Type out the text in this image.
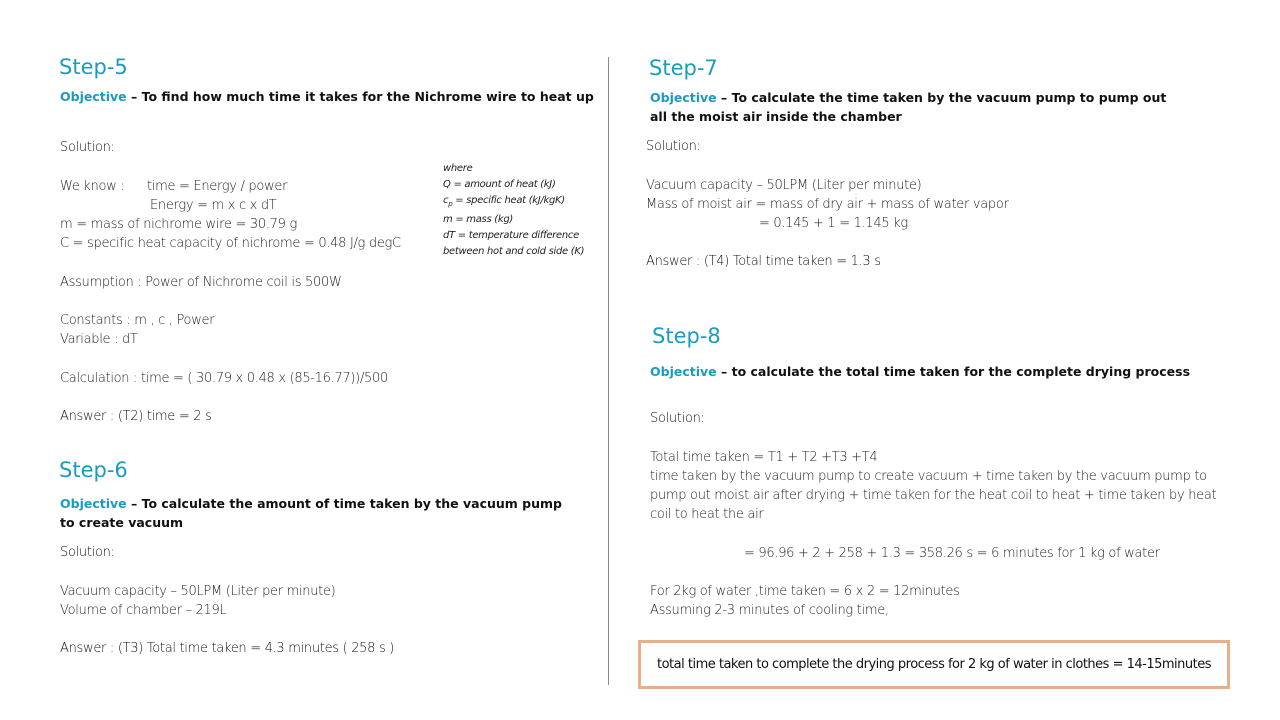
Step-5
Objective – To find how much time it takes for the Nichrome wire to heat up
Solution:
We know : time = Energy / power
Energy = m x c x dT
m = mass of nichrome wire = 30.79 g
C = specific heat capacity of nichrome = 0.48 J/g degC
Assumption : Power of Nichrome coil is 500W
Constants : m , c , Power
Variable : dT
Calculation : time = ( 30.79 x 0.48 x (85-16.77))/500
Answer : (T2) time = 2 s
where
Q = amount of heat (kJ)
$c_p$ = specific heat (kJ/kgK)
m = mass (kg)
dT = temperature difference
between hot and cold side (K)
Step-6
Objective – To calculate the amount of time taken by the vacuum pump to create vacuum
Solution:
Vacuum capacity – 50LPM (Liter per minute)
Volume of chamber – 219L
Answer : (T3) Total time taken = 4.3 minutes ( 258 s )
Step-7
Objective – To calculate the time taken by the vacuum pump to pump out all the moist air inside the chamber
Solution:
Vacuum capacity – 50LPM (Liter per minute)
Mass of moist air = mass of dry air + mass of water vapor
= 0.145 + 1 = 1.145 kg
Answer : (T4) Total time taken = 1.3 s
Step-8
Objective – to calculate the total time taken for the complete drying process
Solution:
Total time taken = T1 + T2 +T3 +T4
time taken by the vacuum pump to create vacuum + time taken by the vacuum pump to
pump out moist air after drying + time taken for the heat coil to heat + time taken by heat
coil to heat the air
= 96.96 + 2 + 258 + 1.3 = 358.26 s = 6 minutes for 1 kg of water
For 2kg of water ,time taken = 6 x 2 = 12minutes
Assuming 2-3 minutes of cooling time,
total time taken to complete the drying process for 2 kg of water in clothes = 14-15minutes
